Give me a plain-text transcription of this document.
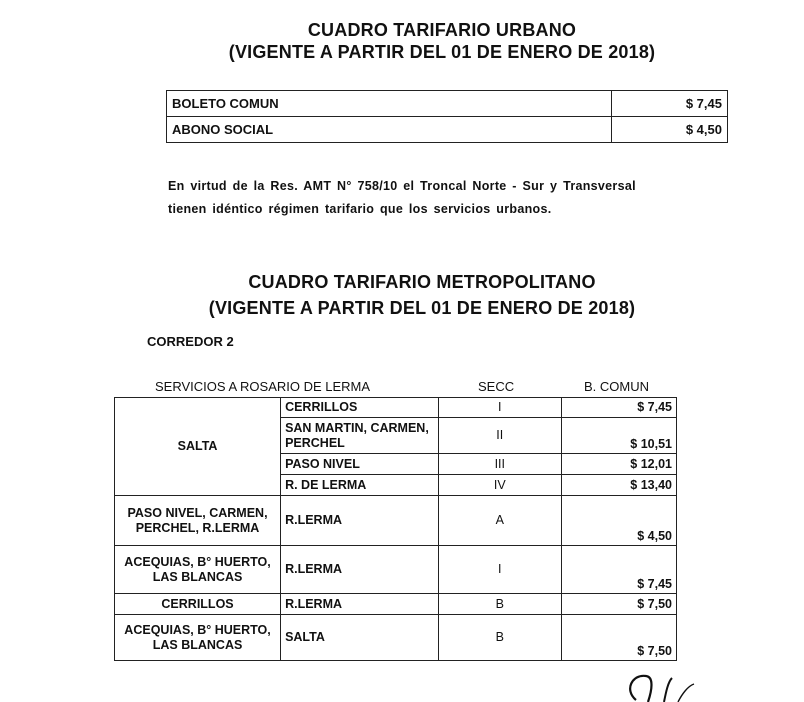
CUADRO TARIFARIO URBANO
(VIGENTE A PARTIR DEL 01 DE ENERO DE 2018)
BOLETO COMUN	$ 7,45
ABONO SOCIAL	$ 4,50
En virtud de la Res. AMT N° 758/10 el Troncal Norte - Sur y Transversal
tienen idéntico régimen tarifario que los servicios urbanos.
CUADRO TARIFARIO METROPOLITANO
(VIGENTE A PARTIR DEL 01 DE ENERO DE 2018)
CORREDOR 2
SERVICIOS A ROSARIO DE LERMA	SECC	B. COMUN
SALTA	CERRILLOS	I	$ 7,45
	SAN MARTIN, CARMEN, PERCHEL	II	$ 10,51
	PASO NIVEL	III	$ 12,01
	R. DE LERMA	IV	$ 13,40
PASO NIVEL, CARMEN, PERCHEL, R.LERMA	R.LERMA	A	$ 4,50
ACEQUIAS, B° HUERTO, LAS BLANCAS	R.LERMA	I	$ 7,45
CERRILLOS	R.LERMA	B	$ 7,50
ACEQUIAS, B° HUERTO, LAS BLANCAS	SALTA	B	$ 7,50
